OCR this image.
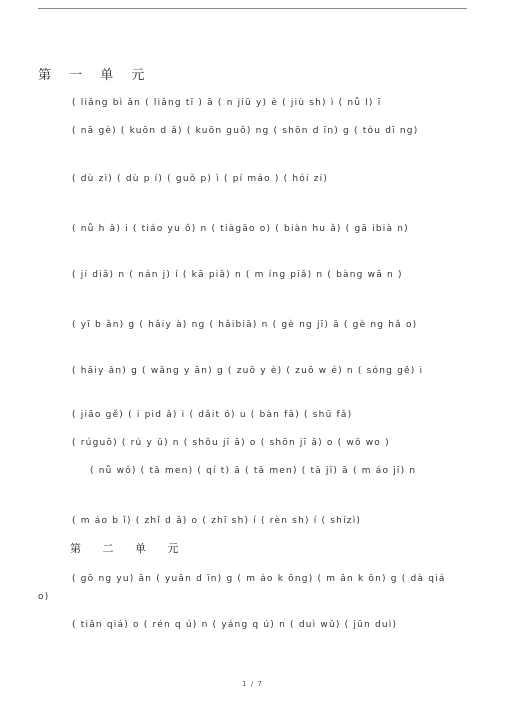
第 一 单 元
( liǎng bì ǎn ( liǎng tī ) ā ( n jiū y) è ( jiù sh) ì ( nǚ l) ī
( nā gè) ( kuōn d ǎ) ( kuōn guǒ) ng ( shōn d īn) g ( tóu dī ng)
( dù zì) ( dù p í) ( guǒ p) ì ( pí máo ) ( hói zi)
( nǚ h ǎ) i ( tiáo yu ǒ) n ( tiàgāo o) ( biàn hu ǎ) ( gā ibià n)
( jí diǎ) n ( nán j) í ( kā piǎ) n ( m íng piǎ) n ( bàng wǎ n )
( yī b ǎn) g ( hǎiy à) ng ( hǎibiā) n ( gè ng jī) ā ( gè ng hǎ o)
( hǎiy ǎn) g ( wǎng y ǎn) g ( zuǒ y è) ( zuǒ w é) n ( sóng gě) i
( jiāo gě) ( i pid ǎ) i ( dǎit ó) u ( bàn fǎ) ( shū fǎ)
( rúguǒ) ( rú y ǔ) n ( shǒu jī ǎ) o ( shōn jī ǎ) o ( wǒ wo )
( nǚ wǒ) ( tā men) ( qí t) ā ( tā men) ( tā jī) ā ( m áo jī) n
( m áo b ǐ) ( zhǐ d ǎ) o ( zhī sh) í ( rèn sh) í ( shízì)
第 二 单 元
( gō ng yu) ǎn ( yuǎn d īn) g ( m áo k ǒng) ( m ǎn k ǒn) g ( dà qiá o)
( tiǎn qiá) o ( rén q ú) n ( yáng q ú) n ( duì wǔ) ( jūn duì)
1 / 7
